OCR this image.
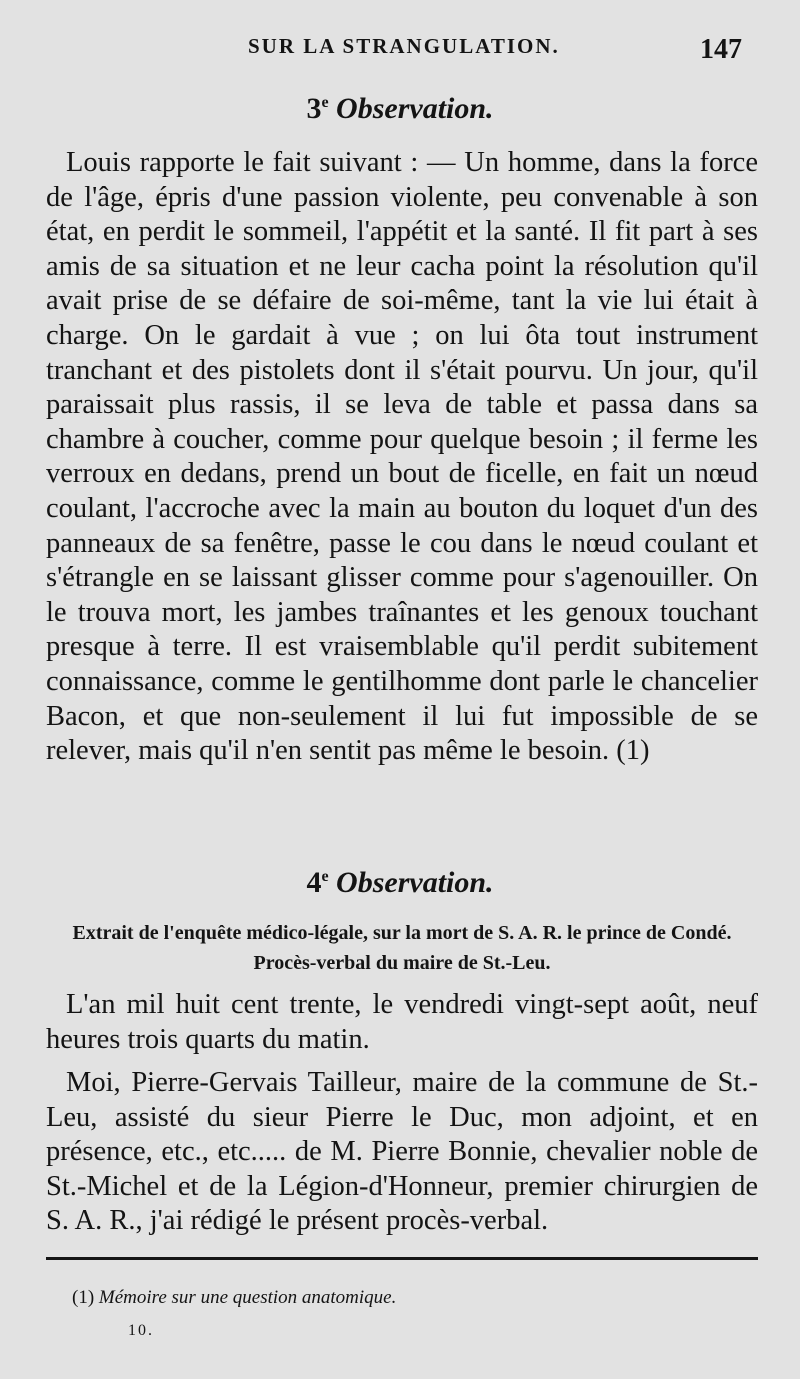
SUR LA STRANGULATION.	147
3e Observation.

Louis rapporte le fait suivant : — Un homme, dans la force de l'âge, épris d'une passion violente, peu convenable à son état, en perdit le sommeil, l'appétit et la santé. Il fit part à ses amis de sa situation et ne leur cacha point la résolution qu'il avait prise de se défaire de soi-même, tant la vie lui était à charge. On le gardait à vue ; on lui ôta tout instrument tranchant et des pistolets dont il s'était pourvu. Un jour, qu'il paraissait plus rassis, il se leva de table et passa dans sa chambre à coucher, comme pour quelque besoin ; il ferme les verroux en dedans, prend un bout de ficelle, en fait un nœud coulant, l'accroche avec la main au bouton du loquet d'un des panneaux de sa fenêtre, passe le cou dans le nœud coulant et s'étrangle en se laissant glisser comme pour s'agenouiller. On le trouva mort, les jambes traînantes et les genoux touchant presque à terre. Il est vraisemblable qu'il perdit subitement connaissance, comme le gentilhomme dont parle le chancelier Bacon, et que non-seulement il lui fut impossible de se relever, mais qu'il n'en sentit pas même le besoin. (1)

4e Observation.

Extrait de l'enquête médico-légale, sur la mort de S. A. R. le prince de Condé. Procès-verbal du maire de St.-Leu.

L'an mil huit cent trente, le vendredi vingt-sept août, neuf heures trois quarts du matin.

Moi, Pierre-Gervais Tailleur, maire de la commune de St.-Leu, assisté du sieur Pierre le Duc, mon adjoint, et en présence, etc., etc..... de M. Pierre Bonnie, chevalier noble de St.-Michel et de la Légion-d'Honneur, premier chirurgien de S. A. R., j'ai rédigé le présent procès-verbal.

(1) Mémoire sur une question anatomique.
10.
